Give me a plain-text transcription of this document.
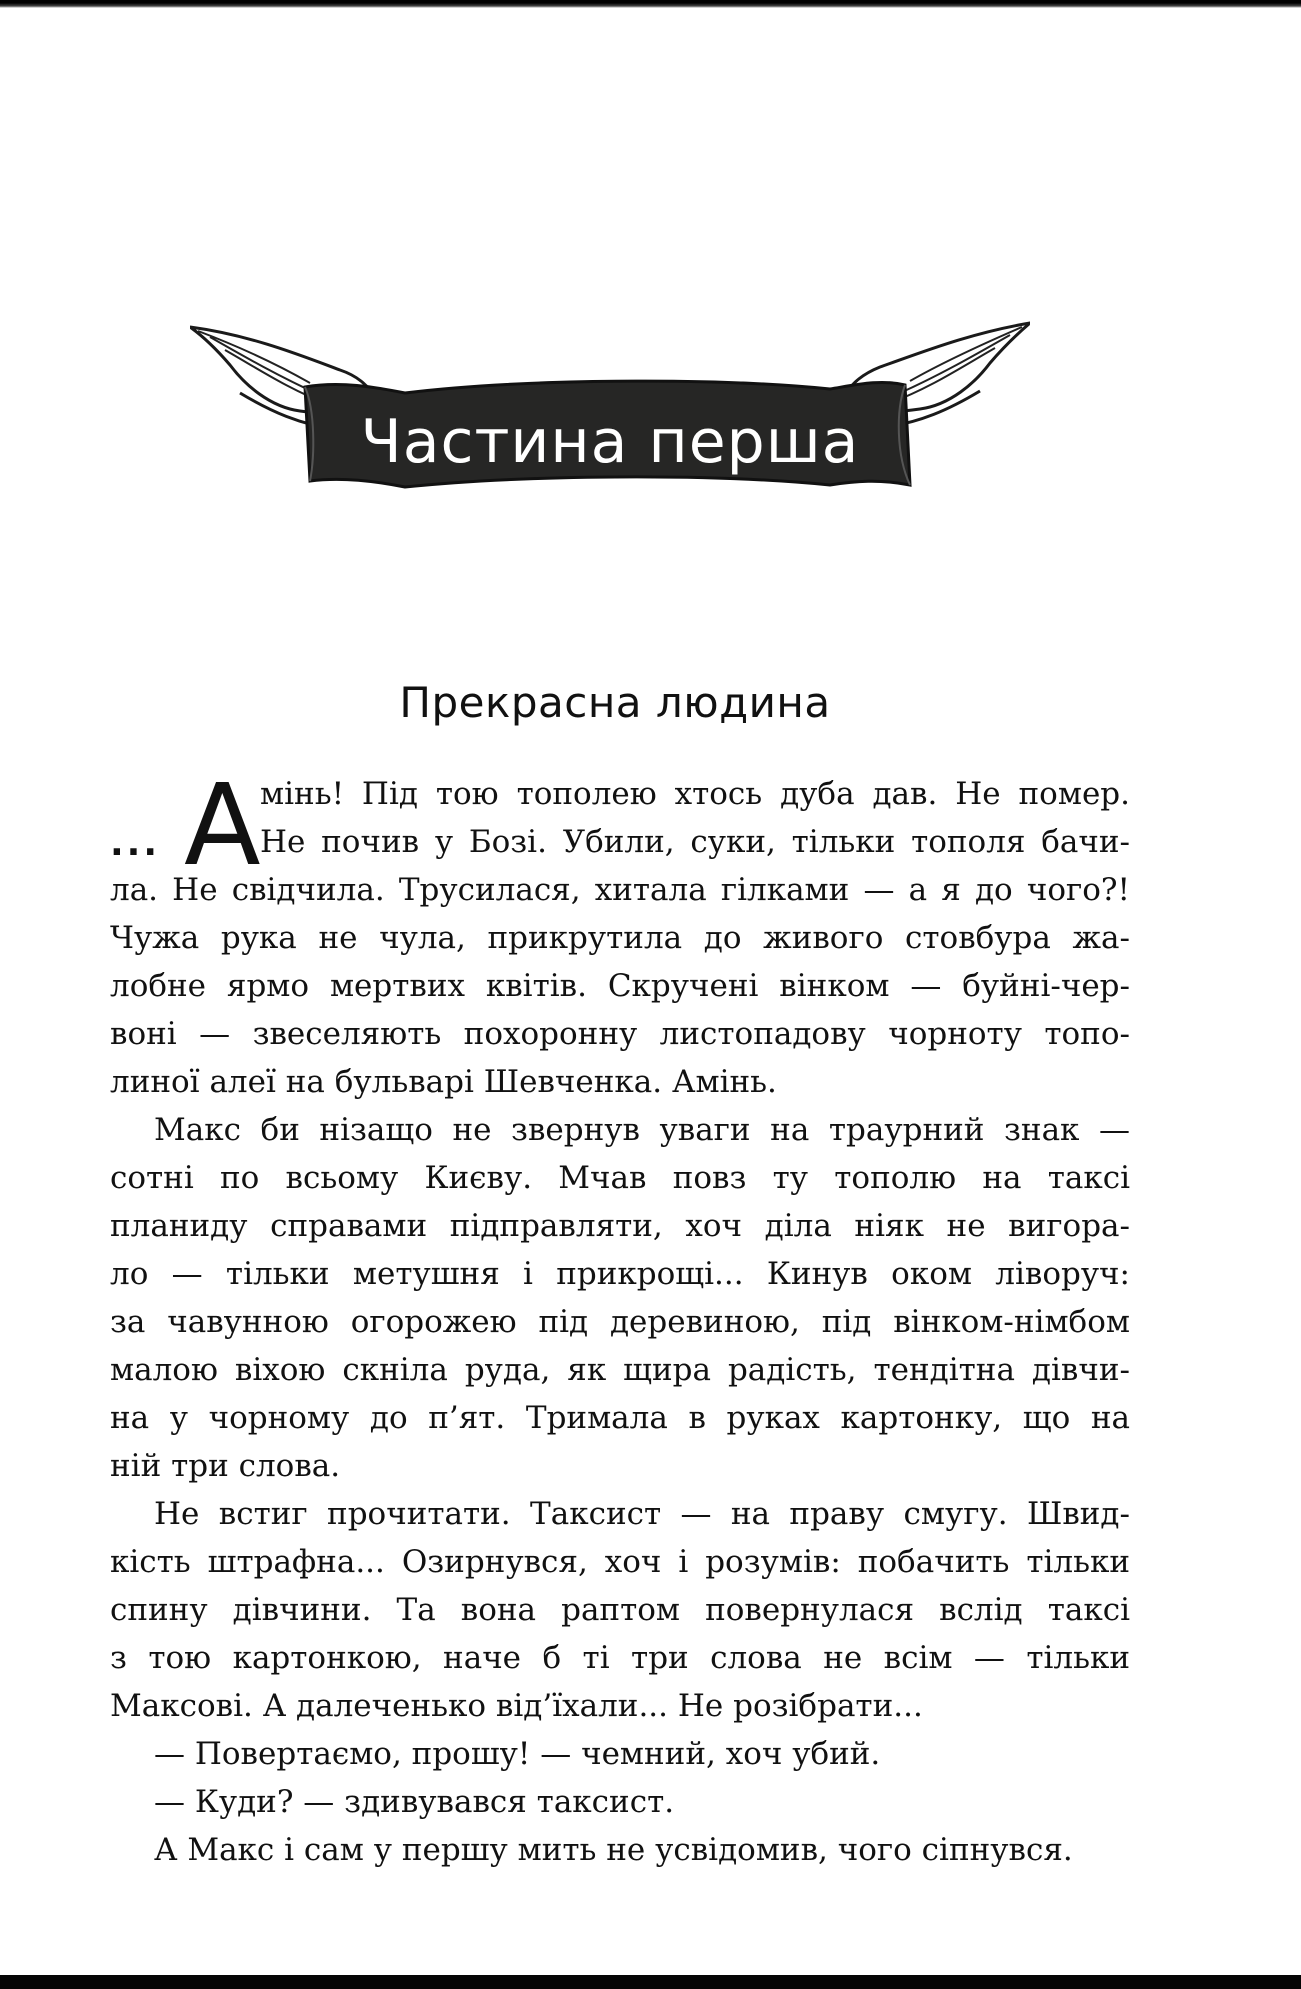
Частина перша
Прекрасна людина
А
...
мінь! Під тою тополею хтось дуба дав. Не помер.
Не почив у Бозі. Убили, суки, тільки тополя бачи-
ла. Не свідчила. Трусилася, хитала гілками — а я до чого?!
Чужа рука не чула, прикрутила до живого стовбура жа-
лобне ярмо мертвих квітів. Скручені вінком — буйні-чер-
воні — звеселяють похоронну листопадову чорноту топо-
линої алеї на бульварі Шевченка. Амінь.
Макс би нізащо не звернув уваги на траурний знак —
сотні по всьому Києву. Мчав повз ту тополю на таксі
планиду справами підправляти, хоч діла ніяк не вигора-
ло — тільки метушня і прикрощі... Кинув оком ліворуч:
за чавунною огорожею під деревиною, під вінком-німбом
малою віхою скніла руда, як щира радість, тендітна дівчи-
на у чорному до п’ят. Тримала в руках картонку, що на
ній три слова.
Не встиг прочитати. Таксист — на праву смугу. Швид-
кість штрафна... Озирнувся, хоч і розумів: побачить тільки
спину дівчини. Та вона раптом повернулася вслід таксі
з тою картонкою, наче б ті три слова не всім — тільки
Максові. А далеченько від’їхали... Не розібрати...
— Повертаємо, прошу! — чемний, хоч убий.
— Куди? — здивувався таксист.
А Макс і сам у першу мить не усвідомив, чого сіпнувся.
